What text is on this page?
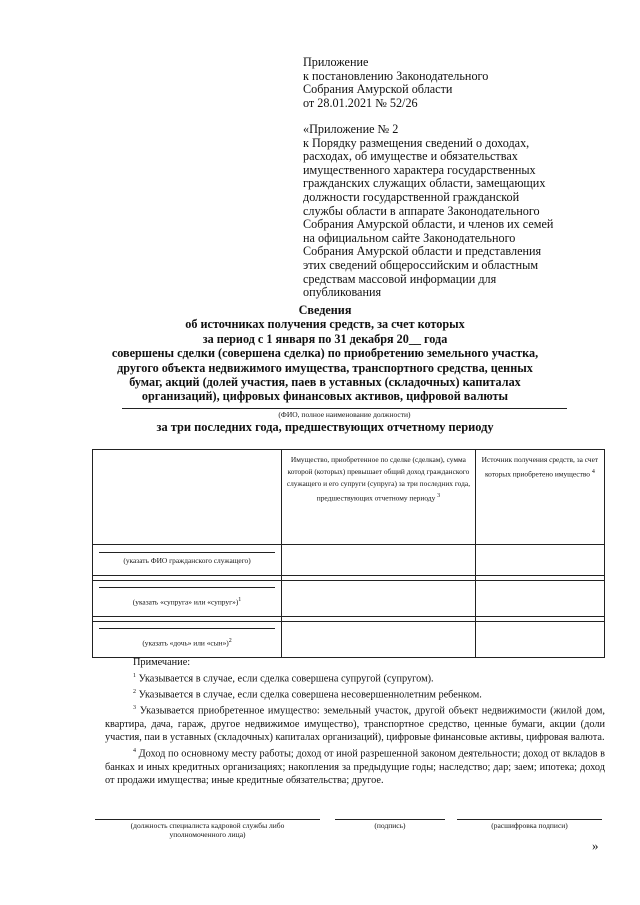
Приложение
к постановлению Законодательного
Собрания Амурской области
от 28.01.2021 № 52/26
«Приложение № 2
к Порядку размещения сведений о доходах,
расходах, об имуществе и обязательствах
имущественного характера государственных
гражданских служащих области, замещающих
должности государственной гражданской
службы области в аппарате Законодательного
Собрания Амурской области, и членов их семей
на официальном сайте Законодательного
Собрания Амурской области и представления
этих сведений общероссийским и областным
средствам массовой информации для
опубликования
Сведения
об источниках получения средств, за счет которых
за период с 1 января по 31 декабря 20__ года
совершены сделки (совершена сделка) по приобретению земельного участка,
другого объекта недвижимого имущества, транспортного средства, ценных
бумаг, акций (долей участия, паев в уставных (складочных) капиталах
организаций), цифровых финансовых активов, цифровой валюты
(ФИО, полное наименование должности)
за три последних года, предшествующих отчетному периоду

	Имущество, приобретенное по сделке (сделкам), сумма которой (которых) превышает общий доход гражданского служащего и его супруги (супруга) за три последних года, предшествующих отчетному периоду $^3$	Источник получения средств, за счет которых приобретено имущество $^4$

(указать ФИО гражданского служащего)		

(указать «супруга» или «супруг»)$^1$

(указать «дочь» или «сын»)$^2$

Примечание:

$^1$ Указывается в случае, если сделка совершена супругой (супругом).

$^2$ Указывается в случае, если сделка совершена несовершеннолетним ребенком.

$^3$ Указывается приобретенное имущество: земельный участок, другой объект недвижимости (жилой дом, квартира, дача, гараж, другое недвижимое имущество), транспортное средство, ценные бумаги, акции (доли участия, паи в уставных (складочных) капиталах организаций), цифровые финансовые активы, цифровая валюта.

$^4$ Доход по основному месту работы; доход от иной разрешенной законом деятельности; доход от вкладов в банках и иных кредитных организациях; накопления за предыдущие годы; наследство; дар; заем; ипотека; доход от продажи имущества; иные кредитные обязательства; другое.

(должность специалиста кадровой службы либо
уполномоченного лица)
(подпись)	(расшифровка подписи)
»
